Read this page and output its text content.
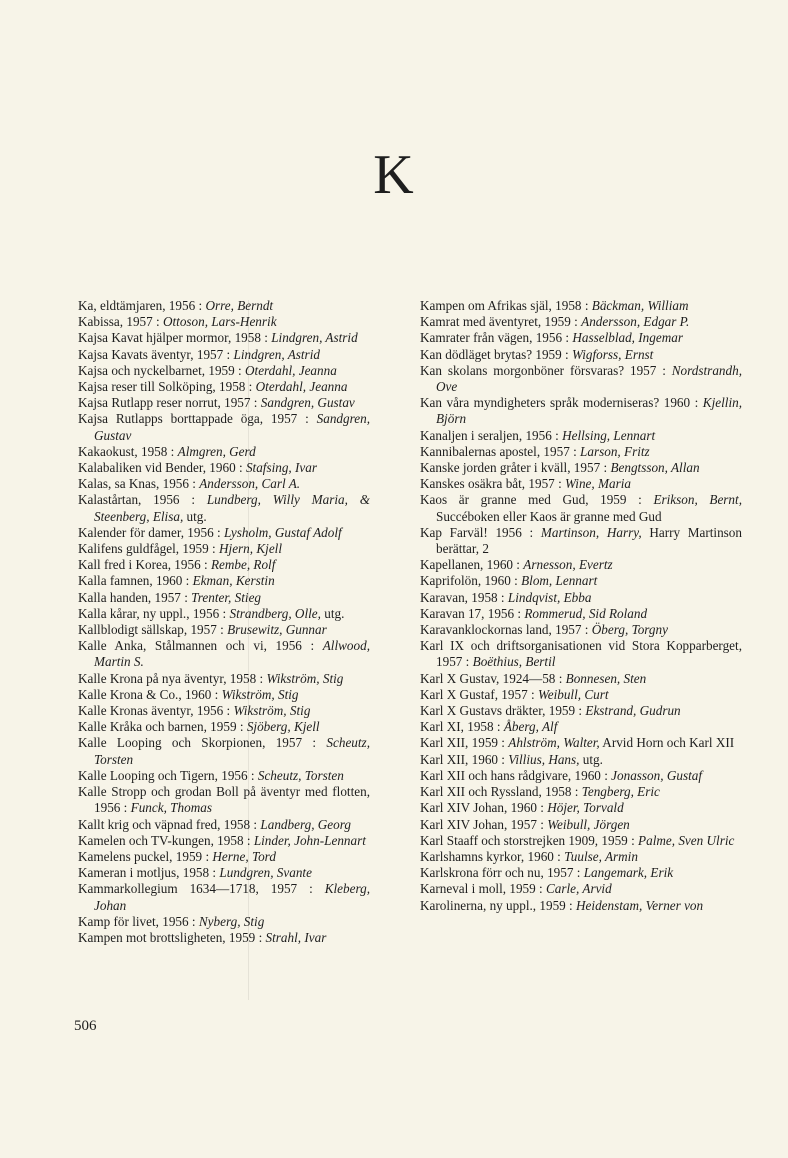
K
Ka, eldtämjaren, 1956 : Orre, Berndt
Kabissa, 1957 : Ottoson, Lars-Henrik
Kajsa Kavat hjälper mormor, 1958 : Lindgren, Astrid
Kajsa Kavats äventyr, 1957 : Lindgren, Astrid
Kajsa och nyckelbarnet, 1959 : Oterdahl, Jeanna
Kajsa reser till Solköping, 1958 : Oterdahl, Jeanna
Kajsa Rutlapp reser norrut, 1957 : Sandgren, Gustav
Kajsa Rutlapps borttappade öga, 1957 : Sandgren, Gustav
Kakaokust, 1958 : Almgren, Gerd
Kalabaliken vid Bender, 1960 : Stafsing, Ivar
Kalas, sa Knas, 1956 : Andersson, Carl A.
Kalastårtan, 1956 : Lundberg, Willy Maria, & Steenberg, Elisa, utg.
Kalender för damer, 1956 : Lysholm, Gustaf Adolf
Kalifens guldfågel, 1959 : Hjern, Kjell
Kall fred i Korea, 1956 : Rembe, Rolf
Kalla famnen, 1960 : Ekman, Kerstin
Kalla handen, 1957 : Trenter, Stieg
Kalla kårar, ny uppl., 1956 : Strandberg, Olle, utg.
Kallblodigt sällskap, 1957 : Brusewitz, Gunnar
Kalle Anka, Stålmannen och vi, 1956 : Allwood, Martin S.
Kalle Krona på nya äventyr, 1958 : Wikström, Stig
Kalle Krona & Co., 1960 : Wikström, Stig
Kalle Kronas äventyr, 1956 : Wikström, Stig
Kalle Kråka och barnen, 1959 : Sjöberg, Kjell
Kalle Looping och Skorpionen, 1957 : Scheutz, Torsten
Kalle Looping och Tigern, 1956 : Scheutz, Torsten
Kalle Stropp och grodan Boll på äventyr med flotten, 1956 : Funck, Thomas
Kallt krig och väpnad fred, 1958 : Landberg, Georg
Kamelen och TV-kungen, 1958 : Linder, John-Lennart
Kamelens puckel, 1959 : Herne, Tord
Kameran i motljus, 1958 : Lundgren, Svante
Kammarkollegium 1634—1718, 1957 : Kleberg, Johan
Kamp för livet, 1956 : Nyberg, Stig
Kampen mot brottsligheten, 1959 : Strahl, Ivar
Kampen om Afrikas själ, 1958 : Bäckman, William
Kamrat med äventyret, 1959 : Andersson, Edgar P.
Kamrater från vägen, 1956 : Hasselblad, Ingemar
Kan dödläget brytas? 1959 : Wigforss, Ernst
Kan skolans morgonböner försvaras? 1957 : Nordstrandh, Ove
Kan våra myndigheters språk moderniseras? 1960 : Kjellin, Björn
Kanaljen i seraljen, 1956 : Hellsing, Lennart
Kannibalernas apostel, 1957 : Larson, Fritz
Kanske jorden gråter i kväll, 1957 : Bengtsson, Allan
Kanskes osäkra båt, 1957 : Wine, Maria
Kaos är granne med Gud, 1959 : Erikson, Bernt, Succéboken eller Kaos är granne med Gud
Kap Farväl! 1956 : Martinson, Harry, Harry Martinson berättar, 2
Kapellanen, 1960 : Arnesson, Evertz
Kaprifolön, 1960 : Blom, Lennart
Karavan, 1958 : Lindqvist, Ebba
Karavan 17, 1956 : Rommerud, Sid Roland
Karavanklockornas land, 1957 : Öberg, Torgny
Karl IX och driftsorganisationen vid Stora Kopparberget, 1957 : Boëthius, Bertil
Karl X Gustav, 1924—58 : Bonnesen, Sten
Karl X Gustaf, 1957 : Weibull, Curt
Karl X Gustavs dräkter, 1959 : Ekstrand, Gudrun
Karl XI, 1958 : Åberg, Alf
Karl XII, 1959 : Ahlström, Walter, Arvid Horn och Karl XII
Karl XII, 1960 : Villius, Hans, utg.
Karl XII och hans rådgivare, 1960 : Jonasson, Gustaf
Karl XII och Ryssland, 1958 : Tengberg, Eric
Karl XIV Johan, 1960 : Höjer, Torvald
Karl XIV Johan, 1957 : Weibull, Jörgen
Karl Staaff och storstrejken 1909, 1959 : Palme, Sven Ulric
Karlshamns kyrkor, 1960 : Tuulse, Armin
Karlskrona förr och nu, 1957 : Langemark, Erik
Karneval i moll, 1959 : Carle, Arvid
Karolinerna, ny uppl., 1959 : Heidenstam, Verner von
506
